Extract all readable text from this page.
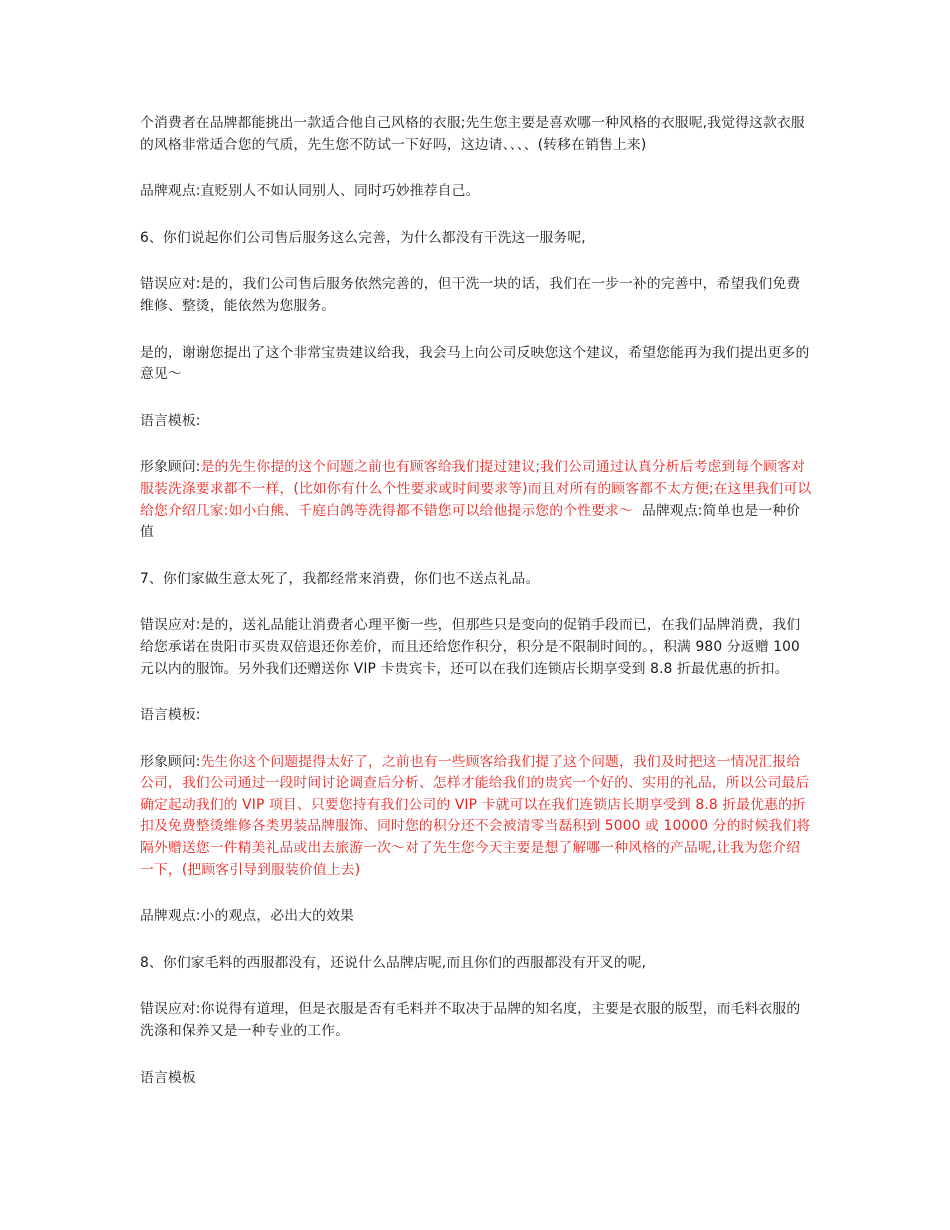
个消费者在品牌都能挑出一款适合他自己风格的衣服;先生您主要是喜欢哪一种风格的衣服呢,我觉得这款衣服的风格非常适合您的气质，先生您不防试一下好吗，这边请、、、、(转移在销售上来)

品牌观点:直贬别人不如认同别人、同时巧妙推荐自己。

6、你们说起你们公司售后服务这么完善，为什么都没有干洗这一服务呢,

错误应对:是的，我们公司售后服务依然完善的，但干洗一块的话，我们在一步一补的完善中，希望我们免费维修、整烫，能依然为您服务。

是的，谢谢您提出了这个非常宝贵建议给我，我会马上向公司反映您这个建议，希望您能再为我们提出更多的意见～

语言模板:

形象顾问:是的先生你提的这个问题之前也有顾客给我们提过建议;我们公司通过认真分析后考虑到每个顾客对服装洗涤要求都不一样，(比如你有什么个性要求或时间要求等)而且对所有的顾客都不太方便;在这里我们可以给您介绍几家:如小白熊、千庭白鸽等洗得都不错您可以给他提示您的个性要求～  品牌观点:简单也是一种价值

7、你们家做生意太死了，我都经常来消费，你们也不送点礼品。

错误应对:是的，送礼品能让消费者心理平衡一些，但那些只是变向的促销手段而已，在我们品牌消费，我们给您承诺在贵阳市买贵双倍退还你差价，而且还给您作积分，积分是不限制时间的。，积满 980 分返赠 100 元以内的服饰。另外我们还赠送你 VIP 卡贵宾卡，还可以在我们连锁店长期享受到 8.8 折最优惠的折扣。

语言模板:

形象顾问:先生你这个问题提得太好了，之前也有一些顾客给我们提了这个问题，我们及时把这一情况汇报给公司，我们公司通过一段时间讨论调查后分析、怎样才能给我们的贵宾一个好的、实用的礼品，所以公司最后确定起动我们的 VIP 项目、只要您持有我们公司的 VIP 卡就可以在我们连锁店长期享受到 8.8 折最优惠的折扣及免费整烫维修各类男装品牌服饰、同时您的积分还不会被清零当磊积到 5000 或 10000 分的时候我们将隔外赠送您一件精美礼品或出去旅游一次～对了先生您今天主要是想了解哪一种风格的产品呢,让我为您介绍一下，(把顾客引导到服装价值上去)

品牌观点:小的观点，必出大的效果

8、你们家毛料的西服都没有，还说什么品牌店呢,而且你们的西服都没有开叉的呢,

错误应对:你说得有道理，但是衣服是否有毛料并不取决于品牌的知名度，主要是衣服的版型，而毛料衣服的洗涤和保养又是一种专业的工作。

语言模板
